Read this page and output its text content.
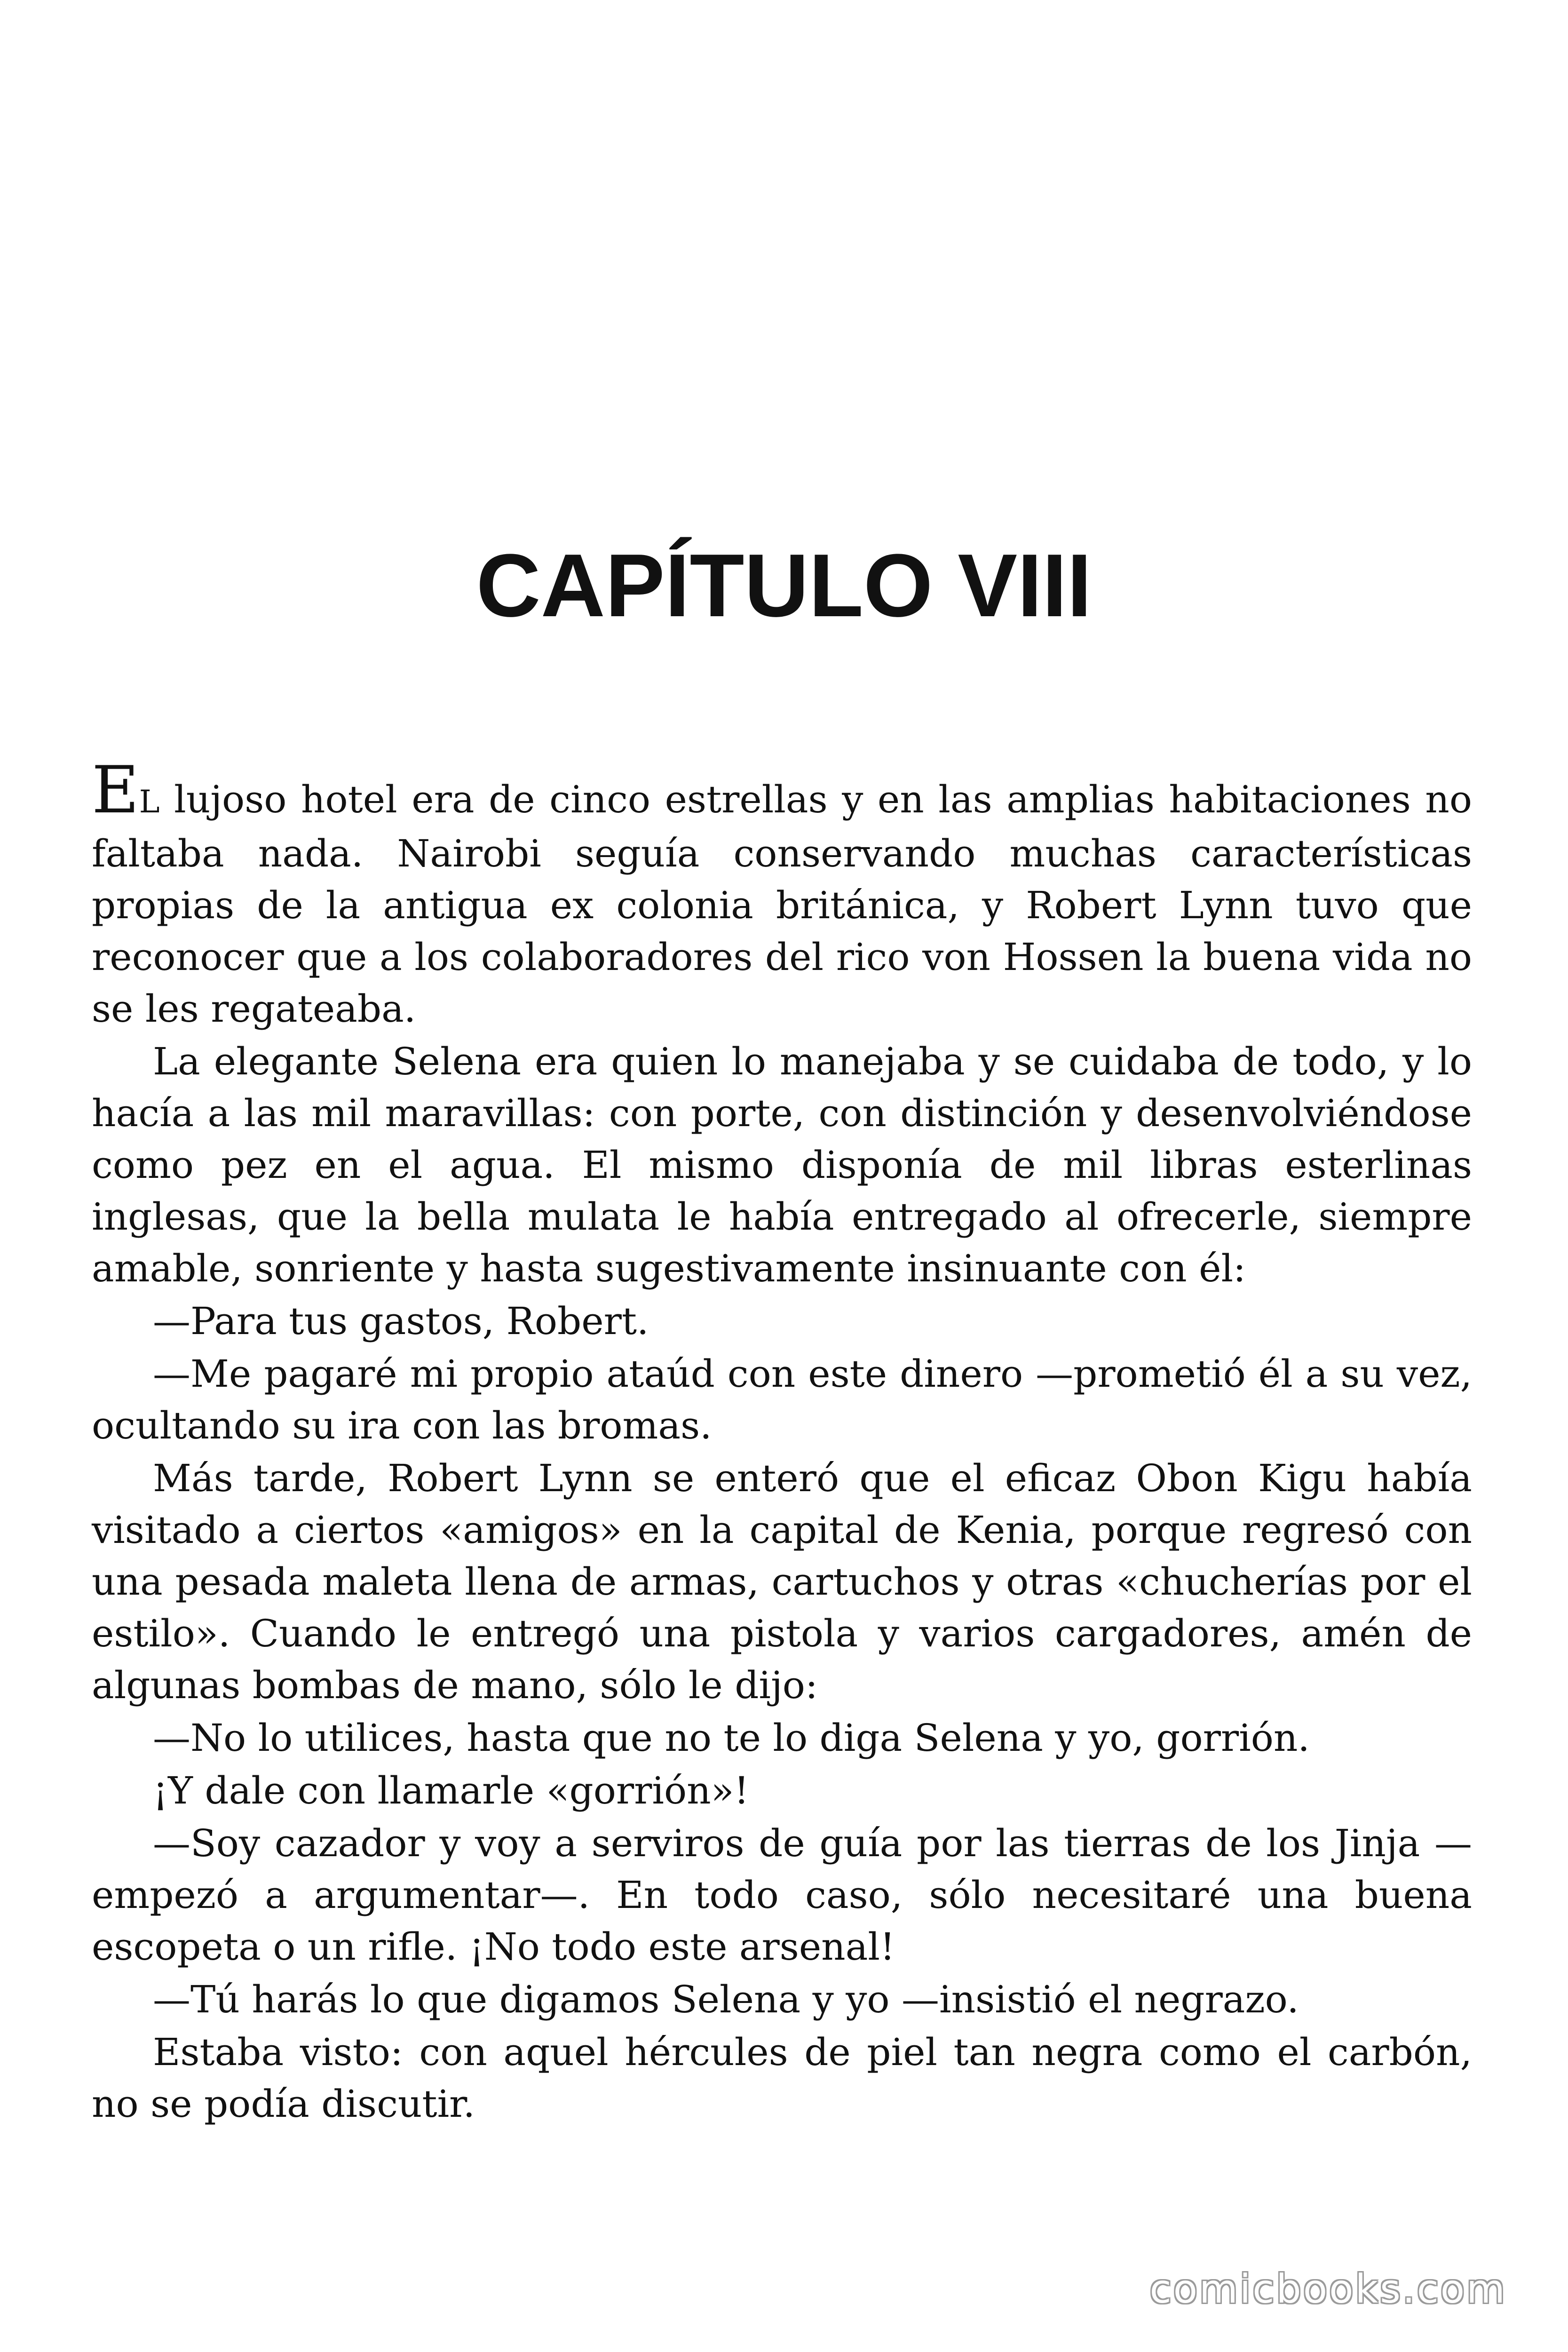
CAPÍTULO VIII

EL lujoso hotel era de cinco estrellas y en las amplias habitaciones no faltaba nada. Nairobi seguía conservando muchas características propias de la antigua ex colonia británica, y Robert Lynn tuvo que reconocer que a los colaboradores del rico von Hossen la buena vida no se les regateaba.

La elegante Selena era quien lo manejaba y se cuidaba de todo, y lo hacía a las mil maravillas: con porte, con distinción y desenvolviéndose como pez en el agua. El mismo disponía de mil libras esterlinas inglesas, que la bella mulata le había entregado al ofrecerle, siempre amable, sonriente y hasta sugestivamente insinuante con él:

—Para tus gastos, Robert.

—Me pagaré mi propio ataúd con este dinero —prometió él a su vez, ocultando su ira con las bromas.

Más tarde, Robert Lynn se enteró que el eficaz Obon Kigu había visitado a ciertos «amigos» en la capital de Kenia, porque regresó con una pesada maleta llena de armas, cartuchos y otras «chucherías por el estilo». Cuando le entregó una pistola y varios cargadores, amén de algunas bombas de mano, sólo le dijo:

—No lo utilices, hasta que no te lo diga Selena y yo, gorrión.

¡Y dale con llamarle «gorrión»!

—Soy cazador y voy a serviros de guía por las tierras de los Jinja —empezó a argumentar—. En todo caso, sólo necesitaré una buena escopeta o un rifle. ¡No todo este arsenal!

—Tú harás lo que digamos Selena y yo —insistió el negrazo.

Estaba visto: con aquel hércules de piel tan negra como el carbón, no se podía discutir.

comicbooks.com
